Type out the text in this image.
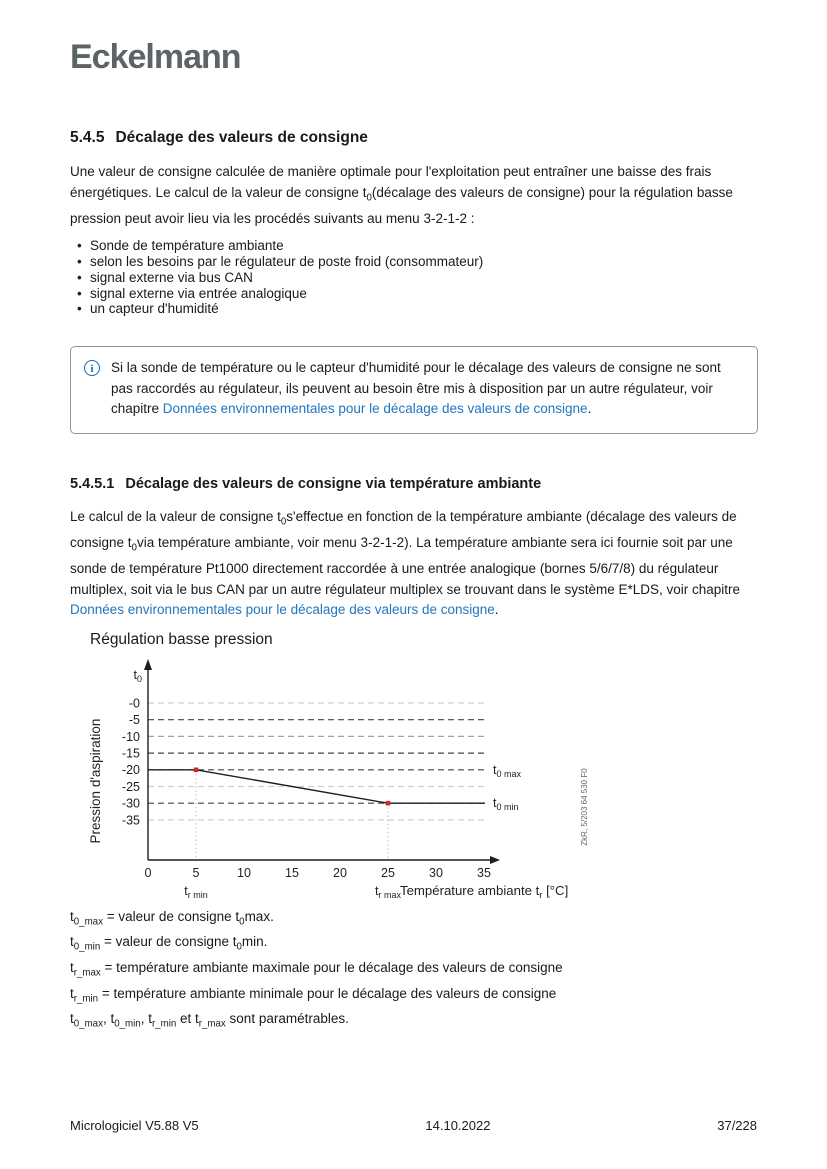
Eckelmann
5.4.5 Décalage des valeurs de consigne

Une valeur de consigne calculée de manière optimale pour l'exploitation peut entraîner une baisse des frais énergétiques. Le calcul de la valeur de consigne $t_0(décalage$ des valeurs de consigne) pour la régulation basse pression peut avoir lieu via les procédés suivants au menu 3-2-1-2 :

• Sonde de température ambiante
• selon les besoins par le régulateur de poste froid (consommateur)
• signal externe via bus CAN
• signal externe via entrée analogique
• un capteur d'humidité
i	Si la sonde de température ou le capteur d'humidité pour le décalage des valeurs de consigne ne sont pas raccordés au régulateur, ils peuvent au besoin être mis à disposition par un autre régulateur, voir chapitre Données environnementales pour le décalage des valeurs de consigne.
5.4.5.1 Décalage des valeurs de consigne via température ambiante

Le calcul de la valeur de consigne $t_0s'effectue$ en fonction de la température ambiante (décalage des valeurs de consigne $t_0via$ température ambiante, voir menu 3-2-1-2). La température ambiante sera ici fournie soit par une sonde de température Pt1000 directement raccordée à une entrée analogique (bornes 5/6/7/8) du régulateur multiplex, soit via le bus CAN par un autre régulateur multiplex se trouvant dans le système E*LDS, voir chapitre Données environnementales pour le décalage des valeurs de consigne.

Régulation basse pression
-0
-5
-10
-15
-20
-25
-30
-35
0	5	10	15	20	25	30	35
$t_{r min}$	$t_{r max}$ Température ambiante $t_r$ [°C]
$t_{0 max}$
$t_{0 min}$
$t_0$
Pression d'aspiration	ZkR, 5/203 64 530 F0
$t_{0\_max}$ = valeur de consigne $t_0\max$.
$t_{0\_min}$ = valeur de consigne $t_0\min$.
$t_{r\_max}$ = température ambiante maximale pour le décalage des valeurs de consigne
$t_{r\_min}$ = température ambiante minimale pour le décalage des valeurs de consigne
$t_{0\_max}$, $t_{0\_min}$, $t_{r\_min}$ et $t_{r\_max}$ sont paramétrables.
Micrologiciel V5.88 V5	14.10.2022	37/228
